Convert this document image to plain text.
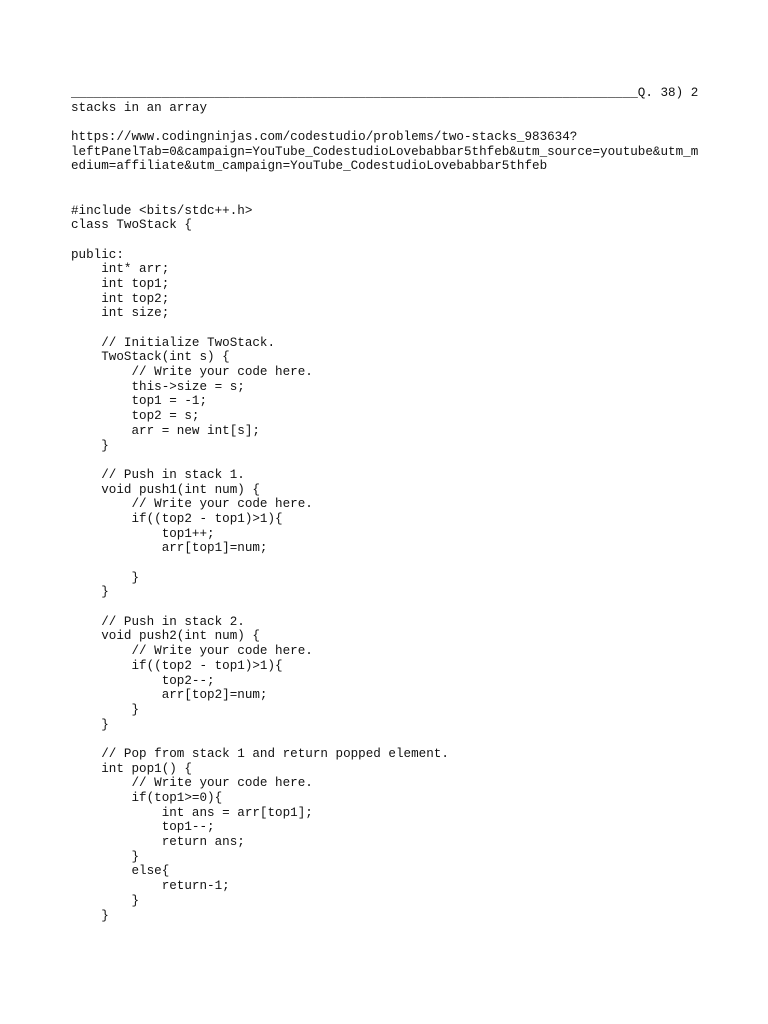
___________________________________________________________________________Q. 38) 2
stacks in an array
https://www.codingninjas.com/codestudio/problems/two-stacks_983634?
leftPanelTab=0&campaign=YouTube_CodestudioLovebabbar5thfeb&utm_source=youtube&utm_m
edium=affiliate&utm_campaign=YouTube_CodestudioLovebabbar5thfeb
#include <bits/stdc++.h>
class TwoStack {
public:
int* arr;
int top1;
int top2;
int size;
// Initialize TwoStack.
TwoStack(int s) {
// Write your code here.
this->size = s;
top1 = -1;
top2 = s;
arr = new int[s];
}
// Push in stack 1.
void push1(int num) {
// Write your code here.
if((top2 - top1)>1){
top1++;
arr[top1]=num;
}
}
// Push in stack 2.
void push2(int num) {
// Write your code here.
if((top2 - top1)>1){
top2--;
arr[top2]=num;
}
}
// Pop from stack 1 and return popped element.
int pop1() {
// Write your code here.
if(top1>=0){
int ans = arr[top1];
top1--;
return ans;
}
else{
return-1;
}
}
